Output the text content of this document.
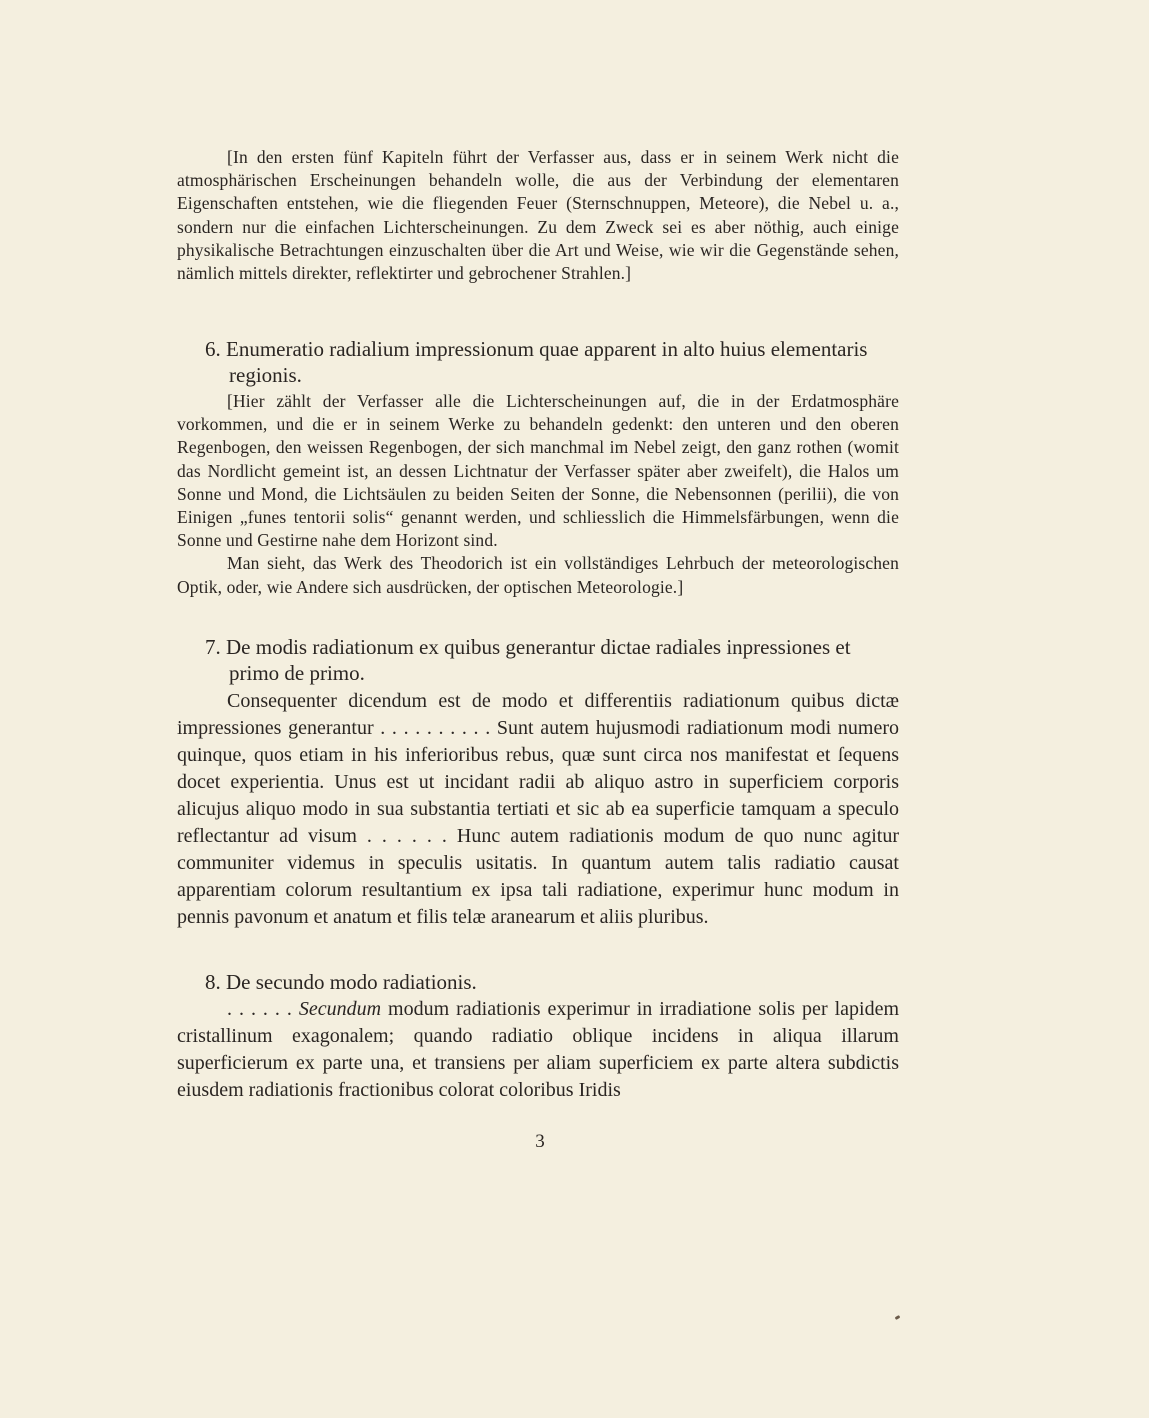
[In den ersten fünf Kapiteln führt der Verfasser aus, dass er in seinem Werk nicht die atmosphärischen Erscheinungen behandeln wolle, die aus der Verbindung der elementaren Eigenschaften entstehen, wie die fliegenden Feuer (Sternschnuppen, Meteore), die Nebel u. a., sondern nur die einfachen Lichterscheinungen. Zu dem Zweck sei es aber nöthig, auch einige physikalische Betrachtungen einzuschalten über die Art und Weise, wie wir die Gegenstände sehen, nämlich mittels direkter, reflektirter und gebrochener Strahlen.]

6. Enumeratio radialium impressionum quae apparent in alto huius elementaris regionis.

[Hier zählt der Verfasser alle die Lichterscheinungen auf, die in der Erdatmosphäre vorkommen, und die er in seinem Werke zu behandeln gedenkt: den unteren und den oberen Regenbogen, den weissen Regenbogen, der sich manchmal im Nebel zeigt, den ganz rothen (womit das Nordlicht gemeint ist, an dessen Lichtnatur der Verfasser später aber zweifelt), die Halos um Sonne und Mond, die Lichtsäulen zu beiden Seiten der Sonne, die Nebensonnen (perilii), die von Einigen „funes tentorii solis“ genannt werden, und schliesslich die Himmelsfärbungen, wenn die Sonne und Gestirne nahe dem Horizont sind.

Man sieht, das Werk des Theodorich ist ein vollständiges Lehrbuch der meteorologischen Optik, oder, wie Andere sich ausdrücken, der optischen Meteorologie.]

7. De modis radiationum ex quibus generantur dictae radiales inpressiones et primo de primo.

Consequenter dicendum est de modo et differentiis radiationum quibus dictæ impressiones generantur . . . . . . . . . . Sunt autem hujusmodi radiationum modi numero quinque, quos etiam in his inferioribus rebus, quæ sunt circa nos manifestat et ſequens docet experientia. Unus est ut incidant radii ab aliquo astro in superficiem corporis alicujus aliquo modo in sua substantia tertiati et sic ab ea superficie tamquam a speculo reflectantur ad visum . . . . . . Hunc autem radiationis modum de quo nunc agitur communiter videmus in speculis usitatis. In quantum autem talis radiatio causat apparentiam colorum resultantium ex ipsa tali radiatione, experimur hunc modum in pennis pavonum et anatum et filis telæ aranearum et aliis pluribus.

8. De secundo modo radiationis.

. . . . . . Secundum modum radiationis experimur in irradiatione solis per lapidem cristallinum exagonalem; quando radiatio oblique incidens in aliqua illarum superficierum ex parte una, et transiens per aliam superficiem ex parte altera subdictis eiusdem radiationis fractionibus colorat coloribus Iridis

3
